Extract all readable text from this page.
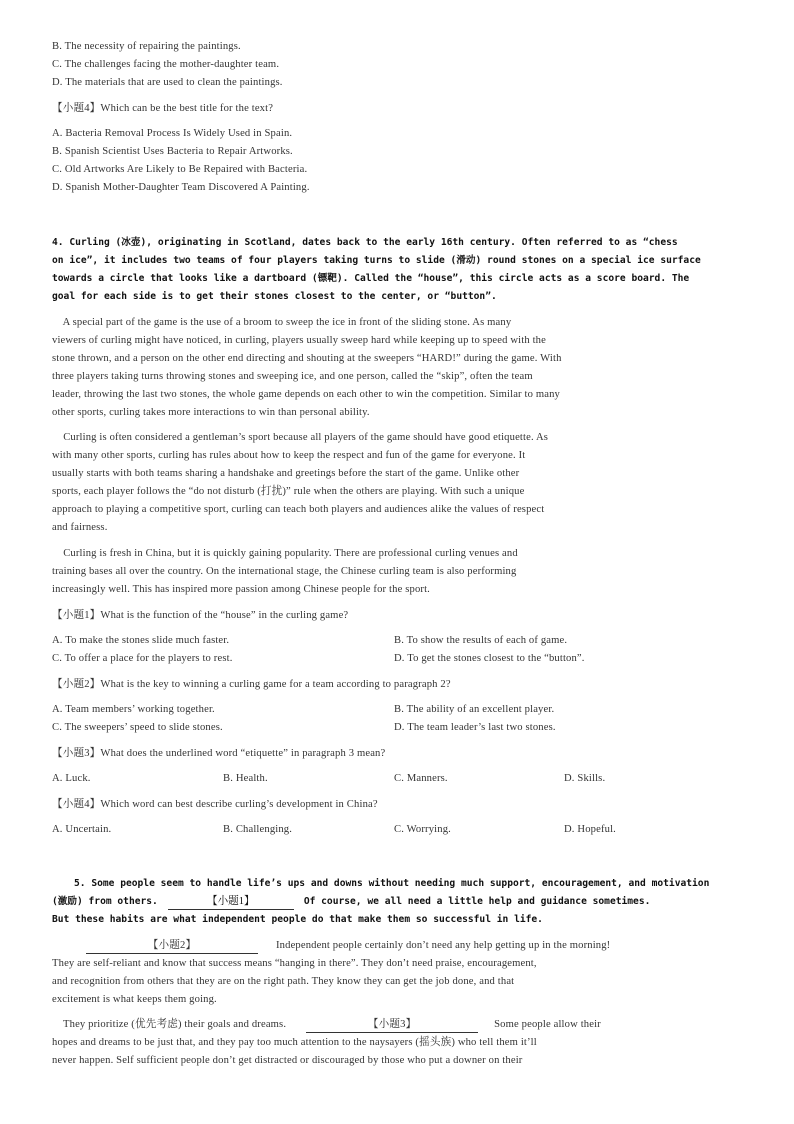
B. The necessity of repairing the paintings.
C. The challenges facing the mother-daughter team.
D. The materials that are used to clean the paintings.
【小题4】Which can be the best title for the text?
A. Bacteria Removal Process Is Widely Used in Spain.
B. Spanish Scientist Uses Bacteria to Repair Artworks.
C. Old Artworks Are Likely to Be Repaired with Bacteria.
D. Spanish Mother-Daughter Team Discovered A Painting.
4. Curling (冰壶), originating in Scotland, dates back to the early 16th century. Often referred to as “chess
on ice”, it includes two teams of four players taking turns to slide (滑动) round stones on a special ice surface
towards a circle that looks like a dartboard (镖靶). Called the “house”, this circle acts as a score board. The
goal for each side is to get their stones closest to the center, or “button”.
A special part of the game is the use of a broom to sweep the ice in front of the sliding stone. As many
viewers of curling might have noticed, in curling, players usually sweep hard while keeping up to speed with the
stone thrown, and a person on the other end directing and shouting at the sweepers “HARD!” during the game. With
three players taking turns throwing stones and sweeping ice, and one person, called the “skip”, often the team
leader, throwing the last two stones, the whole game depends on each other to win the competition. Similar to many
other sports, curling takes more interactions to win than personal ability.
Curling is often considered a gentleman’s sport because all players of the game should have good etiquette. As
with many other sports, curling has rules about how to keep the respect and fun of the game for everyone. It
usually starts with both teams sharing a handshake and greetings before the start of the game. Unlike other
sports, each player follows the “do not disturb (打扰)” rule when the others are playing. With such a unique
approach to playing a competitive sport, curling can teach both players and audiences alike the values of respect
and fairness.
Curling is fresh in China, but it is quickly gaining popularity. There are professional curling venues and
training bases all over the country. On the international stage, the Chinese curling team is also performing
increasingly well. This has inspired more passion among Chinese people for the sport.
【小题1】What is the function of the “house” in the curling game?
A. To make the stones slide much faster.	B. To show the results of each of game.
C. To offer a place for the players to rest.	D. To get the stones closest to the “button”.
【小题2】What is the key to winning a curling game for a team according to paragraph 2?
A. Team members’ working together.	B. The ability of an excellent player.
C. The sweepers’ speed to slide stones.	D. The team leader’s last two stones.
【小题3】What does the underlined word “etiquette” in paragraph 3 mean?
A. Luck.	B. Health.	C. Manners.	D. Skills.
【小题4】Which word can best describe curling’s development in China?
A. Uncertain.	B. Challenging.	C. Worrying.	D. Hopeful.
5. Some people seem to handle life’s ups and downs without needing much support, encouragement, and motivation
(激励) from others.	【小题1】	Of course, we all need a little help and guidance sometimes.
But these habits are what independent people do that make them so successful in life.
【小题2】	Independent people certainly don’t need any help getting up in the morning!
They are self-reliant and know that success means “hanging in there”. They don’t need praise, encouragement,
and recognition from others that they are on the right path. They know they can get the job done, and that
excitement is what keeps them going.
They prioritize (优先考虑) their goals and dreams.	【小题3】	Some people allow their
hopes and dreams to be just that, and they pay too much attention to the naysayers (摇头族) who tell them it’ll
never happen. Self sufficient people don’t get distracted or discouraged by those who put a downer on their
